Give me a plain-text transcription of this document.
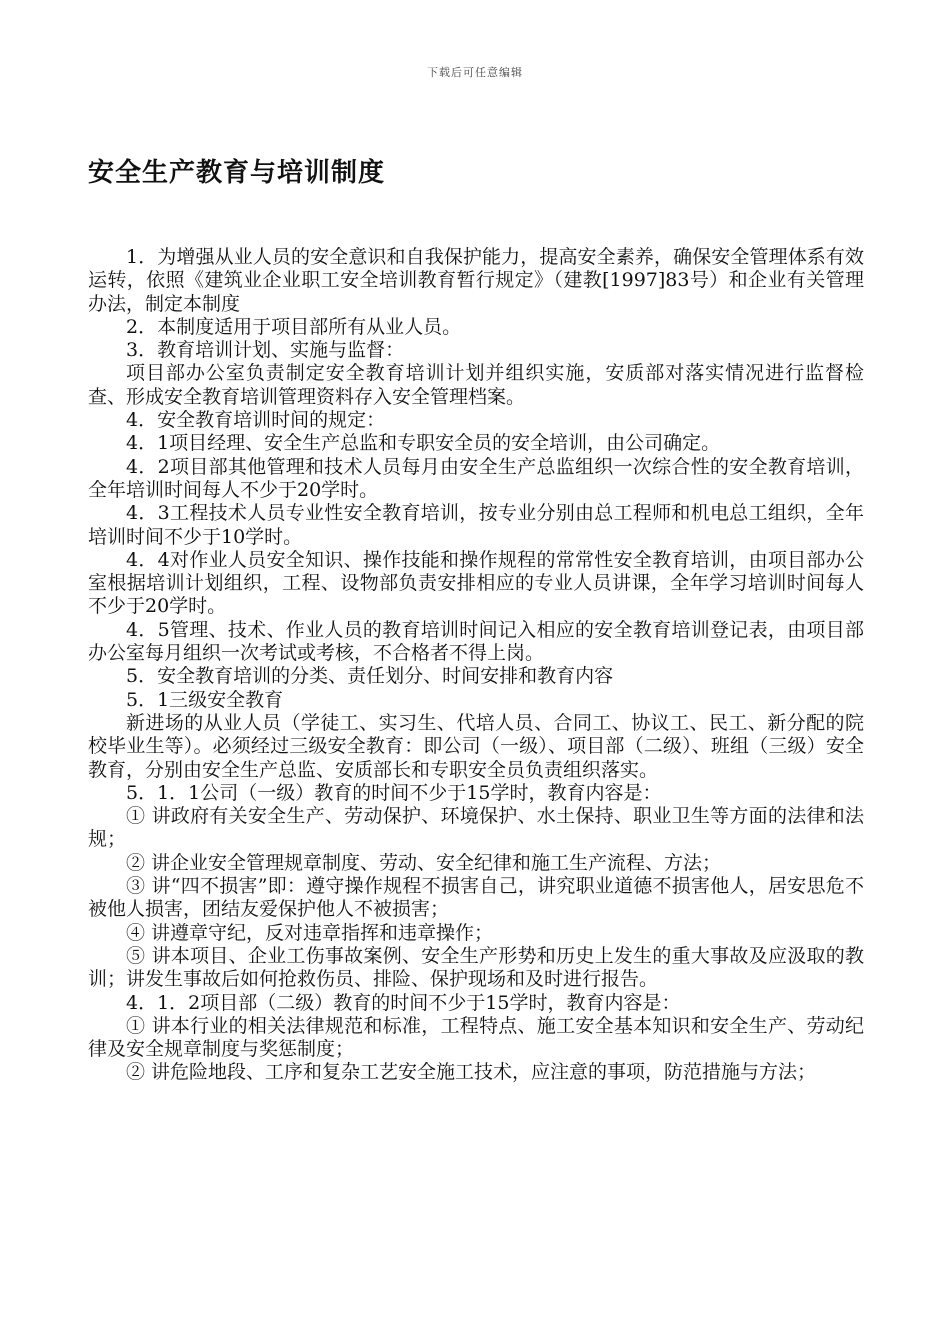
下载后可任意编辑
安全生产教育与培训制度

1．为增强从业人员的安全意识和自我保护能力，提高安全素养，确保安全管理体系有效运转，依照《建筑业企业职工安全培训教育暂行规定》（建教[1997]83号）和企业有关管理办法，制定本制度

2．本制度适用于项目部所有从业人员。

3．教育培训计划、实施与监督：

项目部办公室负责制定安全教育培训计划并组织实施，安质部对落实情况进行监督检查、形成安全教育培训管理资料存入安全管理档案。

4．安全教育培训时间的规定：

4．1项目经理、安全生产总监和专职安全员的安全培训，由公司确定。

4．2项目部其他管理和技术人员每月由安全生产总监组织一次综合性的安全教育培训，全年培训时间每人不少于20学时。

4．3工程技术人员专业性安全教育培训，按专业分别由总工程师和机电总工组织，全年培训时间不少于10学时。

4．4对作业人员安全知识、操作技能和操作规程的常常性安全教育培训，由项目部办公室根据培训计划组织，工程、设物部负责安排相应的专业人员讲课，全年学习培训时间每人不少于20学时。

4．5管理、技术、作业人员的教育培训时间记入相应的安全教育培训登记表，由项目部办公室每月组织一次考试或考核，不合格者不得上岗。

5．安全教育培训的分类、责任划分、时间安排和教育内容

5．1三级安全教育

新进场的从业人员（学徒工、实习生、代培人员、合同工、协议工、民工、新分配的院校毕业生等）。必须经过三级安全教育：即公司（一级）、项目部（二级）、班组（三级）安全教育，分别由安全生产总监、安质部长和专职安全员负责组织落实。

5．1．1公司（一级）教育的时间不少于15学时，教育内容是：

① 讲政府有关安全生产、劳动保护、环境保护、水土保持、职业卫生等方面的法律和法规；

② 讲企业安全管理规章制度、劳动、安全纪律和施工生产流程、方法；

③ 讲“四不损害”即：遵守操作规程不损害自己，讲究职业道德不损害他人，居安思危不被他人损害，团结友爱保护他人不被损害；

④ 讲遵章守纪，反对违章指挥和违章操作；

⑤ 讲本项目、企业工伤事故案例、安全生产形势和历史上发生的重大事故及应汲取的教训；讲发生事故后如何抢救伤员、排险、保护现场和及时进行报告。

4．1．2项目部（二级）教育的时间不少于15学时，教育内容是：

① 讲本行业的相关法律规范和标准，工程特点、施工安全基本知识和安全生产、劳动纪律及安全规章制度与奖惩制度；

② 讲危险地段、工序和复杂工艺安全施工技术，应注意的事项，防范措施与方法；
